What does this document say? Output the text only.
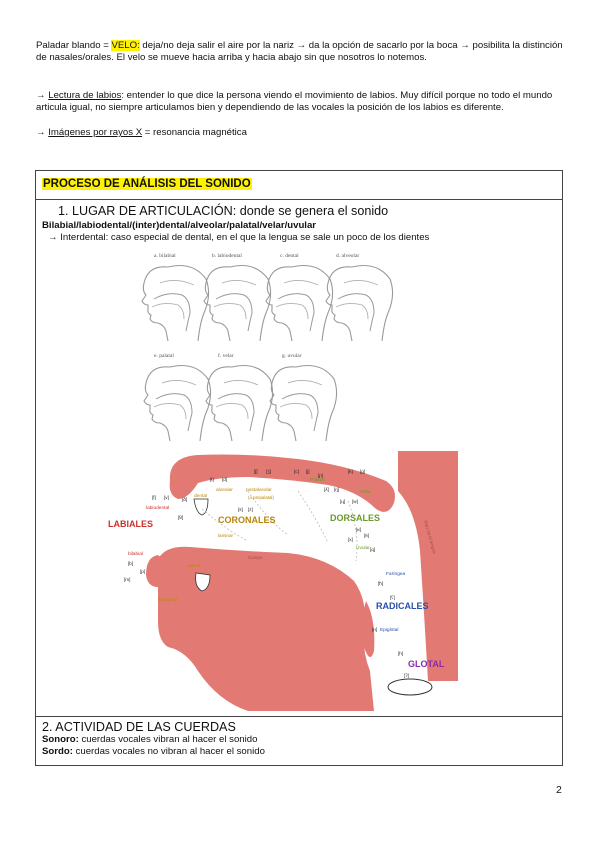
Paladar blando = VELO: deja/no deja salir el aire por la nariz → da la opción de sacarlo por la boca → posibilita la distinción de nasales/orales. El velo se mueve hacia arriba y hacia abajo sin que nosotros lo notemos.
→ Lectura de labios: entender lo que dice la persona viendo el movimiento de labios. Muy difícil porque no todo el mundo articula igual, no siempre articulamos bien y dependiendo de las vocales la posición de los labios es diferente.
→ Imágenes por rayos X = resonancia magnética
PROCESO DE ANÁLISIS DEL SONIDO
1. LUGAR DE ARTICULACIÓN: donde se genera el sonido
Bilabial/labiodental/(inter)dental/alveolar/palatal/velar/uvular
→ Interdental: caso especial de dental, en el que la lengua se sale un poco de los dientes
a. bilabial	b. labiodental	c. dental	d. alveolar
e. palatal	f. velar	g. uvular
LABIALES	CORONALES	DORSALES
RADICALES
GLOTAL
labiodental
bilabial
dental
alveolar	postalveolar
(o prepalatal)
Palatal
Velar
Uvular
Faríngea
Epiglotal
laminar
apical
subapical
Cuerpo
Raíz de la lengua
[m]
[p]
[b]
[f] [v]
[θ]
[ð]
[t] [d]
[s] [z]
[ʃ] [ʒ]	[c] [j]	[k] [g]
[x]
[q]
[ʁ]
[ħ]
[ʕ]
[ʜ]
[h]
[ʔ]
[ɲ]
[ŋ]
[ʎ]
[w]
[ɥ]
[ʀ]
2. ACTIVIDAD DE LAS CUERDAS
Sonoro: cuerdas vocales vibran al hacer el sonido
Sordo: cuerdas vocales no vibran al hacer el sonido
2
